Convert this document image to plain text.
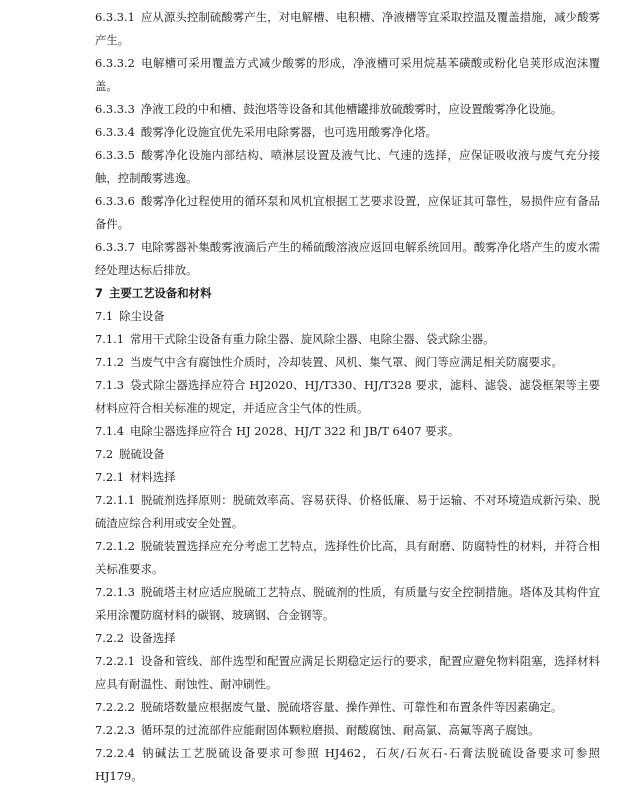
6.3.3.1 应从源头控制硫酸雾产生，对电解槽、电积槽、净液槽等宜采取控温及覆盖措施，减少酸雾产生。

6.3.3.2 电解槽可采用覆盖方式减少酸雾的形成，净液槽可采用烷基苯磺酸或粉化皂荚形成泡沫覆盖。

6.3.3.3 净液工段的中和槽、鼓泡塔等设备和其他槽罐排放硫酸雾时，应设置酸雾净化设施。

6.3.3.4 酸雾净化设施宜优先采用电除雾器，也可选用酸雾净化塔。

6.3.3.5 酸雾净化设施内部结构、喷淋层设置及液气比、气速的选择，应保证吸收液与废气充分接触，控制酸雾逃逸。

6.3.3.6 酸雾净化过程使用的循环泵和风机宜根据工艺要求设置，应保证其可靠性，易损件应有备品备件。

6.3.3.7 电除雾器补集酸雾液滴后产生的稀硫酸溶液应返回电解系统回用。酸雾净化塔产生的废水需经处理达标后排放。

7 主要工艺设备和材料

7.1 除尘设备

7.1.1 常用干式除尘设备有重力除尘器、旋风除尘器、电除尘器、袋式除尘器。

7.1.2 当废气中含有腐蚀性介质时，冷却装置、风机、集气罩、阀门等应满足相关防腐要求。

7.1.3 袋式除尘器选择应符合 HJ2020、HJ/T330、HJ/T328 要求，滤料、滤袋、滤袋框架等主要材料应符合相关标准的规定，并适应含尘气体的性质。

7.1.4 电除尘器选择应符合 HJ 2028、HJ/T 322 和 JB/T 6407 要求。

7.2 脱硫设备

7.2.1 材料选择

7.2.1.1 脱硫剂选择原则：脱硫效率高、容易获得、价格低廉、易于运输、不对环境造成新污染、脱硫渣应综合利用或安全处置。

7.2.1.2 脱硫装置选择应充分考虑工艺特点，选择性价比高，具有耐磨、防腐特性的材料，并符合相关标准要求。

7.2.1.3 脱硫塔主材应适应脱硫工艺特点、脱硫剂的性质，有质量与安全控制措施。塔体及其构件宜采用涂覆防腐材料的碳钢、玻璃钢、合金钢等。

7.2.2 设备选择

7.2.2.1 设备和管线、部件选型和配置应满足长期稳定运行的要求，配置应避免物料阻塞，选择材料应具有耐温性、耐蚀性、耐冲刷性。

7.2.2.2 脱硫塔数量应根据废气量、脱硫塔容量、操作弹性、可靠性和布置条件等因素确定。

7.2.2.3 循环泵的过流部件应能耐固体颗粒磨损、耐酸腐蚀、耐高氯、高氟等离子腐蚀。

7.2.2.4 钠碱法工艺脱硫设备要求可参照 HJ462，石灰/石灰石-石膏法脱硫设备要求可参照 HJ179。
